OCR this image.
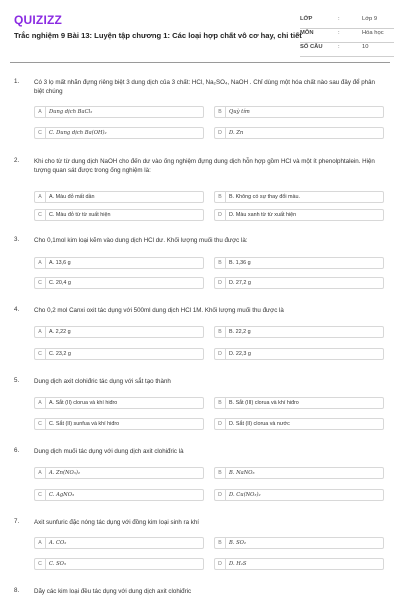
QUIZIZZ
Trắc nghiệm 9 Bài 13: Luyện tập chương 1: Các loại hợp chất vô cơ hay, chi tiết
LỚP	:	Lớp 9
MÔN	:	Hóa học
SỐ CÂU	:	10
1. Có 3 lọ mất nhãn đựng riêng biệt 3 dung dịch của 3 chất: HCl, Na₂SO₄, NaOH . Chỉ dùng một hóa chất nào sau đây để phân biệt chúng
A	Dung dịch BaCl₂	B	Quỳ tím
C	C. Dung dịch Ba(OH)₂	D	D. Zn
2. Khi cho từ từ dung dịch NaOH cho đến dư vào ống nghiệm đựng dung dịch hỗn hợp gồm HCl và một ít phenolphtalein. Hiện tượng quan sát được trong ống nghiệm là:
A	A. Màu đỏ mất dần	B	B. Không có sự thay đổi màu.
C	C. Màu đỏ từ từ xuất hiện	D	D. Màu xanh từ từ xuất hiện
3. Cho 0,1mol kim loại kẽm vào dung dịch HCl dư. Khối lượng muối thu được là:
A	A. 13,6 g	B	B. 1,36 g
C	C. 20,4 g	D	D. 27,2 g
4. Cho 0,2 mol Canxi oxit tác dụng với 500ml dung dịch HCl 1M. Khối lượng muối thu được là
A	A. 2,22 g	B	B. 22,2 g
C	C. 23,2 g	D	D. 22,3 g
5. Dung dịch axit clohiđric tác dụng với sắt tạo thành
A	A. Sắt (II) clorua và khí hiđro	B	B. Sắt (III) clorua và khí hiđro
C	C. Sắt (II) sunfua và khí hiđro	D	D. Sắt (II) clorua và nước
6. Dung dịch muối tác dụng với dung dịch axit clohiđric là
A	A. Zn(NO₃)₂	B	B. NaNO₃
C	C. AgNO₃	D	D. Cu(NO₃)₂
7. Axit sunfuric đặc nóng tác dụng với đồng kim loại sinh ra khí
A	A. CO₂	B	B. SO₂
C	C. SO₃	D	D. H₂S
8. Dãy các kim loại đều tác dụng với dung dịch axit clohiđric
